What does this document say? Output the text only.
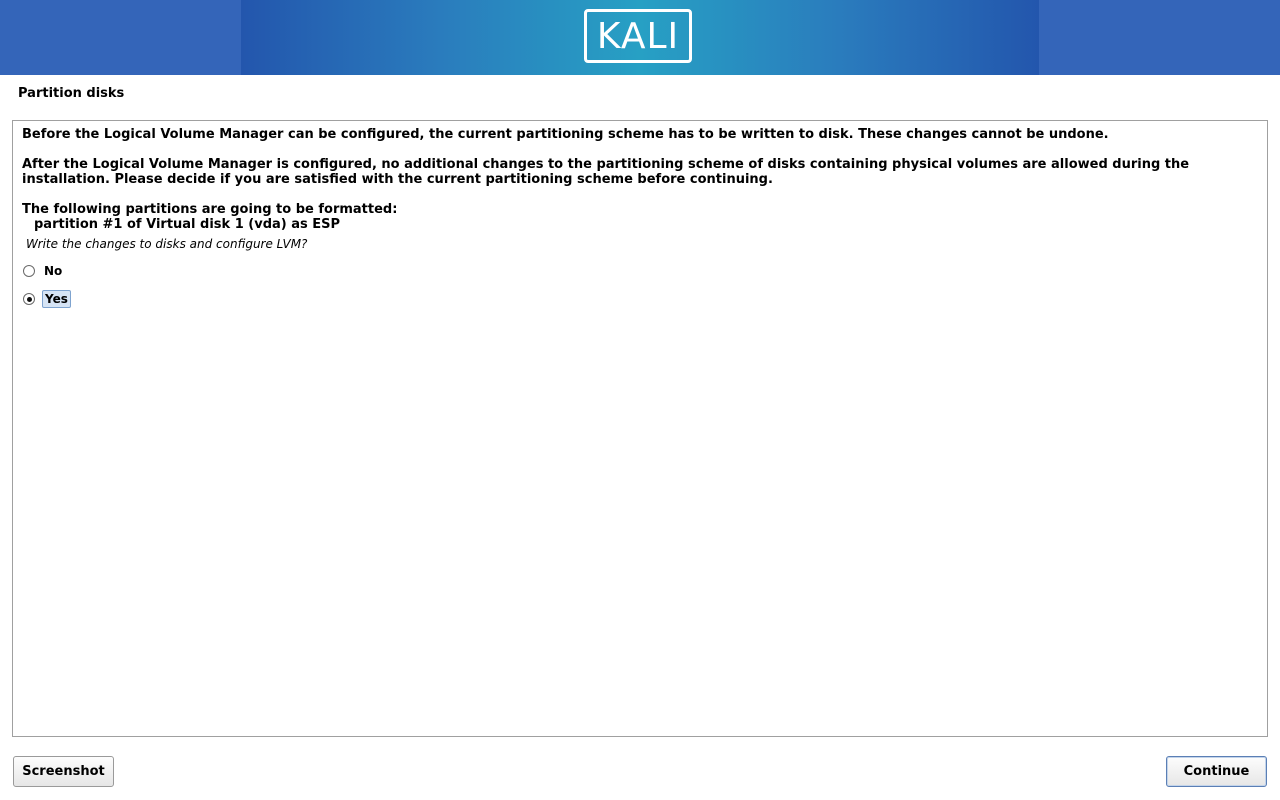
KALI
Partition disks
Before the Logical Volume Manager can be configured, the current partitioning scheme has to be written to disk. These changes cannot be undone.
After the Logical Volume Manager is configured, no additional changes to the partitioning scheme of disks containing physical volumes are allowed during the installation. Please decide if you are satisfied with the current partitioning scheme before continuing.
The following partitions are going to be formatted:
partition #1 of Virtual disk 1 (vda) as ESP
Write the changes to disks and configure LVM?
No
Yes
Screenshot	Continue
